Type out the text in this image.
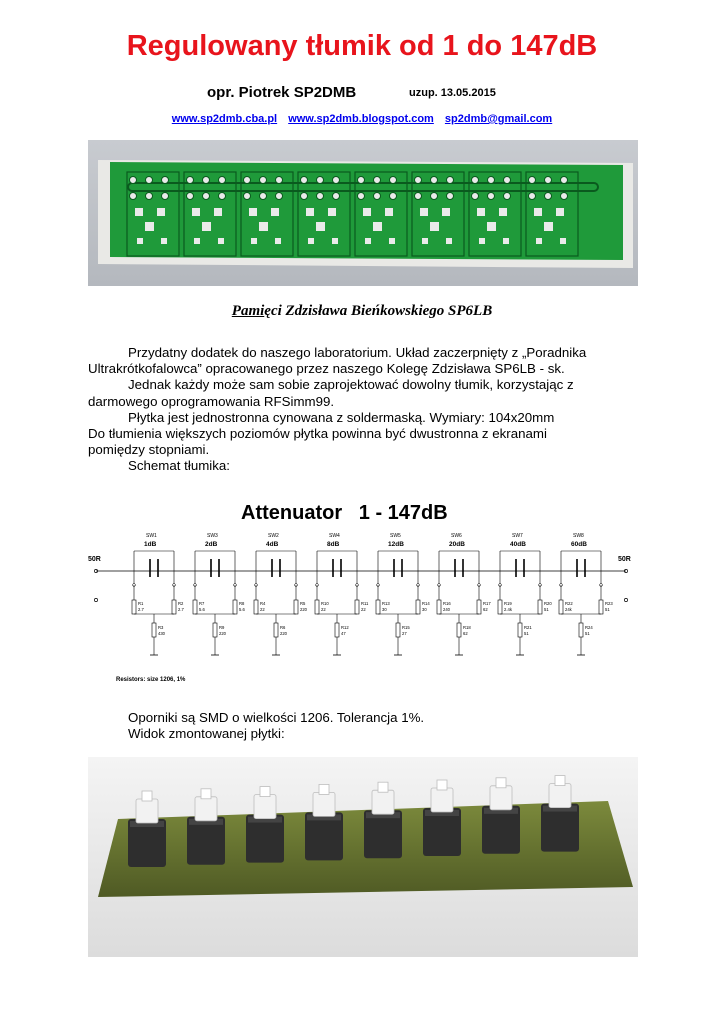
Regulowany tłumik od 1 do 147dB
opr. Piotrek SP2DMB	uzup. 13.05.2015
www.sp2dmb.cba.pl www.sp2dmb.blogspot.com sp2dmb@gmail.com
Pamięci Zdzisława Bieńkowskiego SP6LB

Przydatny dodatek do naszego laboratorium. Układ zaczerpnięty z „Poradnika

Ultrakrótkofalowca” opracowanego przez naszego Kolegę Zdzisława SP6LB - sk.

Jednak każdy może sam sobie zaprojektować dowolny tłumik, korzystając z

darmowego oprogramowania RFSimm99.

Płytka jest jednostronna cynowana z soldermaską. Wymiary: 104x20mm

Do tłumienia większych poziomów płytka powinna być dwustronna z ekranami

pomiędzy stopniami.

Schemat tłumika:

Attenuator   1 - 147dB
50R	50R
SW1
1dB
R1
2.7
R2
2.7
R3
430
SW3
2dB
R7
5.6
R8
5.6
R9
220
SW2
4dB
R4
22
R5
220
R6
220
SW4
8dB
R10
22
R11
22
R12
47
SW5
12dB
R13
30
R14
30
R15
27
SW6
20dB
R16
240
R17
62
R18
62
SW7
40dB
R19
2.4k
R20
51
R21
51
SW8
60dB
R22
24k
R23
51
R24
51
Resistors: size 1206, 1%
Oporniki są SMD o wielkości 1206. Tolerancja 1%.
Widok zmontowanej płytki:
